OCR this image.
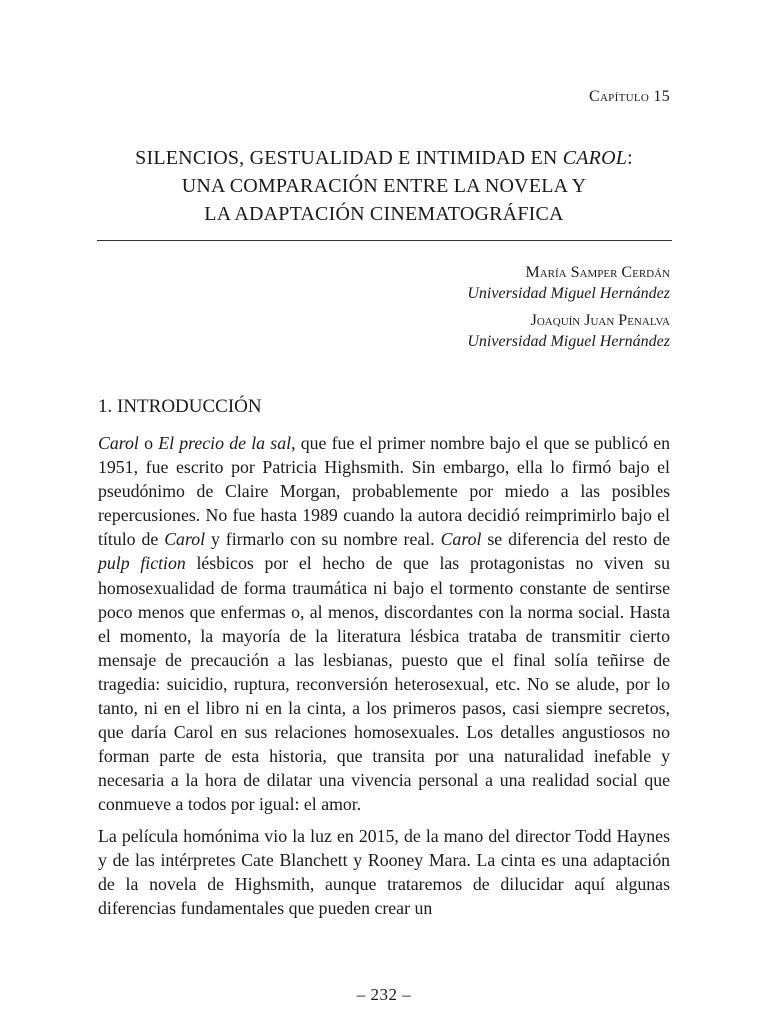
Capítulo 15
SILENCIOS, GESTUALIDAD E INTIMIDAD EN CAROL:
UNA COMPARACIÓN ENTRE LA NOVELA Y
LA ADAPTACIÓN CINEMATOGRÁFICA
María Samper Cerdán
Universidad Miguel Hernández
Joaquín Juan Penalva
Universidad Miguel Hernández
1. INTRODUCCIÓN

Carol o El precio de la sal, que fue el primer nombre bajo el que se publicó en 1951, fue escrito por Patricia Highsmith. Sin embargo, ella lo firmó bajo el pseudónimo de Claire Morgan, probablemente por miedo a las posibles repercusiones. No fue hasta 1989 cuando la autora decidió reimprimirlo bajo el título de Carol y firmarlo con su nombre real. Carol se diferencia del resto de pulp fiction lésbicos por el hecho de que las protagonistas no viven su homosexualidad de forma traumática ni bajo el tormento constante de sentirse poco menos que enfermas o, al menos, discordantes con la norma social. Hasta el momento, la mayoría de la literatura lésbica trataba de transmitir cierto mensaje de precaución a las lesbianas, puesto que el final solía teñirse de tragedia: suicidio, ruptura, reconversión heterosexual, etc. No se alude, por lo tanto, ni en el libro ni en la cinta, a los primeros pasos, casi siempre secretos, que daría Carol en sus relaciones homosexuales. Los detalles angustiosos no forman parte de esta historia, que transita por una naturalidad inefable y necesaria a la hora de dilatar una vivencia personal a una realidad social que conmueve a todos por igual: el amor.

La película homónima vio la luz en 2015, de la mano del director Todd Haynes y de las intérpretes Cate Blanchett y Rooney Mara. La cinta es una adaptación de la novela de Highsmith, aunque trataremos de dilucidar aquí algunas diferencias fundamentales que pueden crear un

– 232 –
